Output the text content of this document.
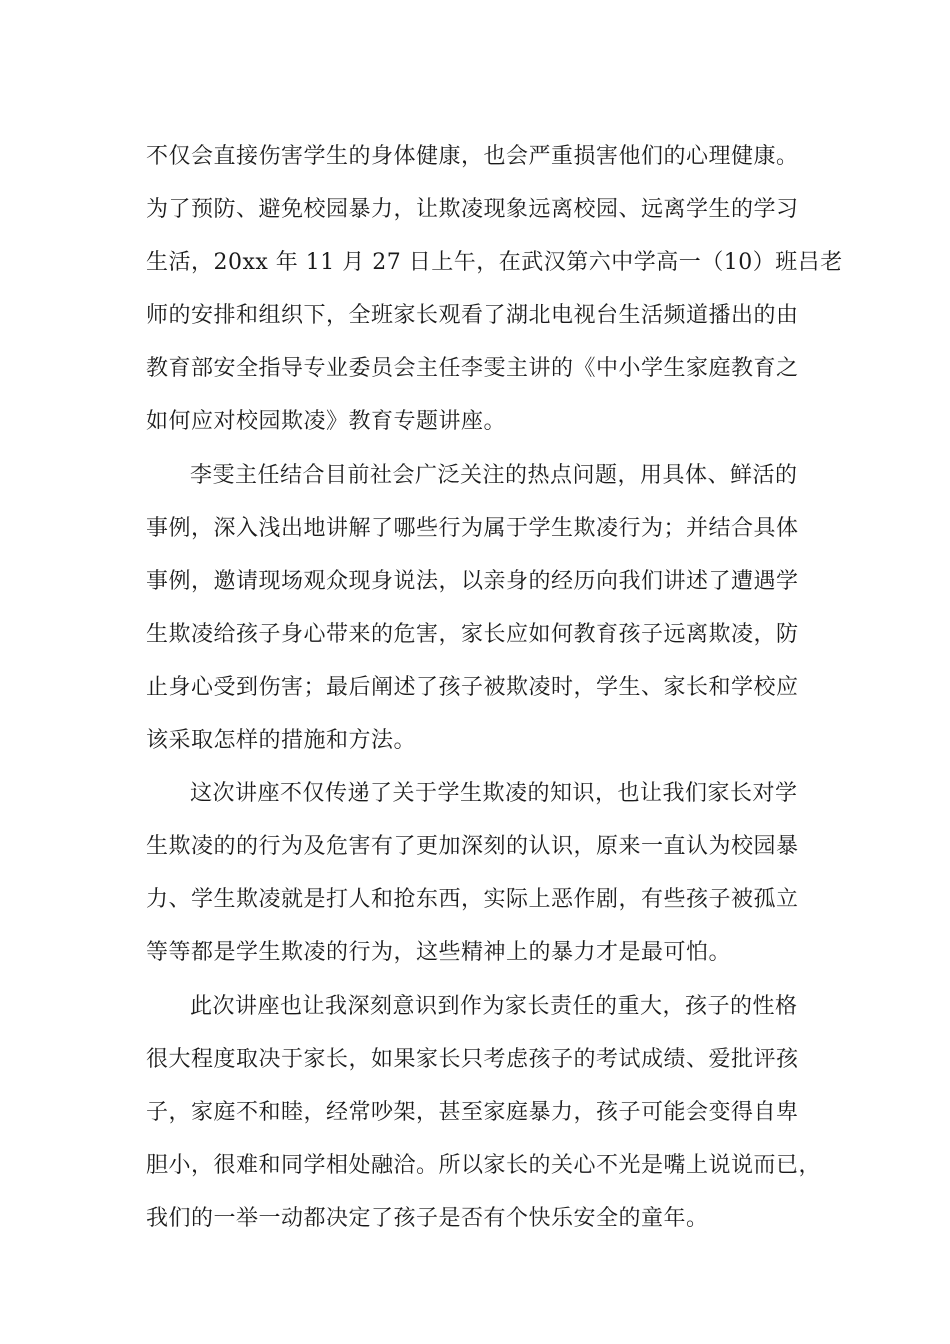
不仅会直接伤害学生的身体健康，也会严重损害他们的心理健康。
为了预防、避免校园暴力，让欺凌现象远离校园、远离学生的学习
生活，20xx 年 11 月 27 日上午，在武汉第六中学高一（10）班吕老
师的安排和组织下，全班家长观看了湖北电视台生活频道播出的由
教育部安全指导专业委员会主任李雯主讲的《中小学生家庭教育之
如何应对校园欺凌》教育专题讲座。
李雯主任结合目前社会广泛关注的热点问题，用具体、鲜活的
事例，深入浅出地讲解了哪些行为属于学生欺凌行为；并结合具体
事例，邀请现场观众现身说法，以亲身的经历向我们讲述了遭遇学
生欺凌给孩子身心带来的危害，家长应如何教育孩子远离欺凌，防
止身心受到伤害；最后阐述了孩子被欺凌时，学生、家长和学校应
该采取怎样的措施和方法。
这次讲座不仅传递了关于学生欺凌的知识，也让我们家长对学
生欺凌的的行为及危害有了更加深刻的认识，原来一直认为校园暴
力、学生欺凌就是打人和抢东西，实际上恶作剧，有些孩子被孤立
等等都是学生欺凌的行为，这些精神上的暴力才是最可怕。
此次讲座也让我深刻意识到作为家长责任的重大，孩子的性格
很大程度取决于家长，如果家长只考虑孩子的考试成绩、爱批评孩
子，家庭不和睦，经常吵架，甚至家庭暴力，孩子可能会变得自卑
胆小，很难和同学相处融洽。所以家长的关心不光是嘴上说说而已，
我们的一举一动都决定了孩子是否有个快乐安全的童年。
